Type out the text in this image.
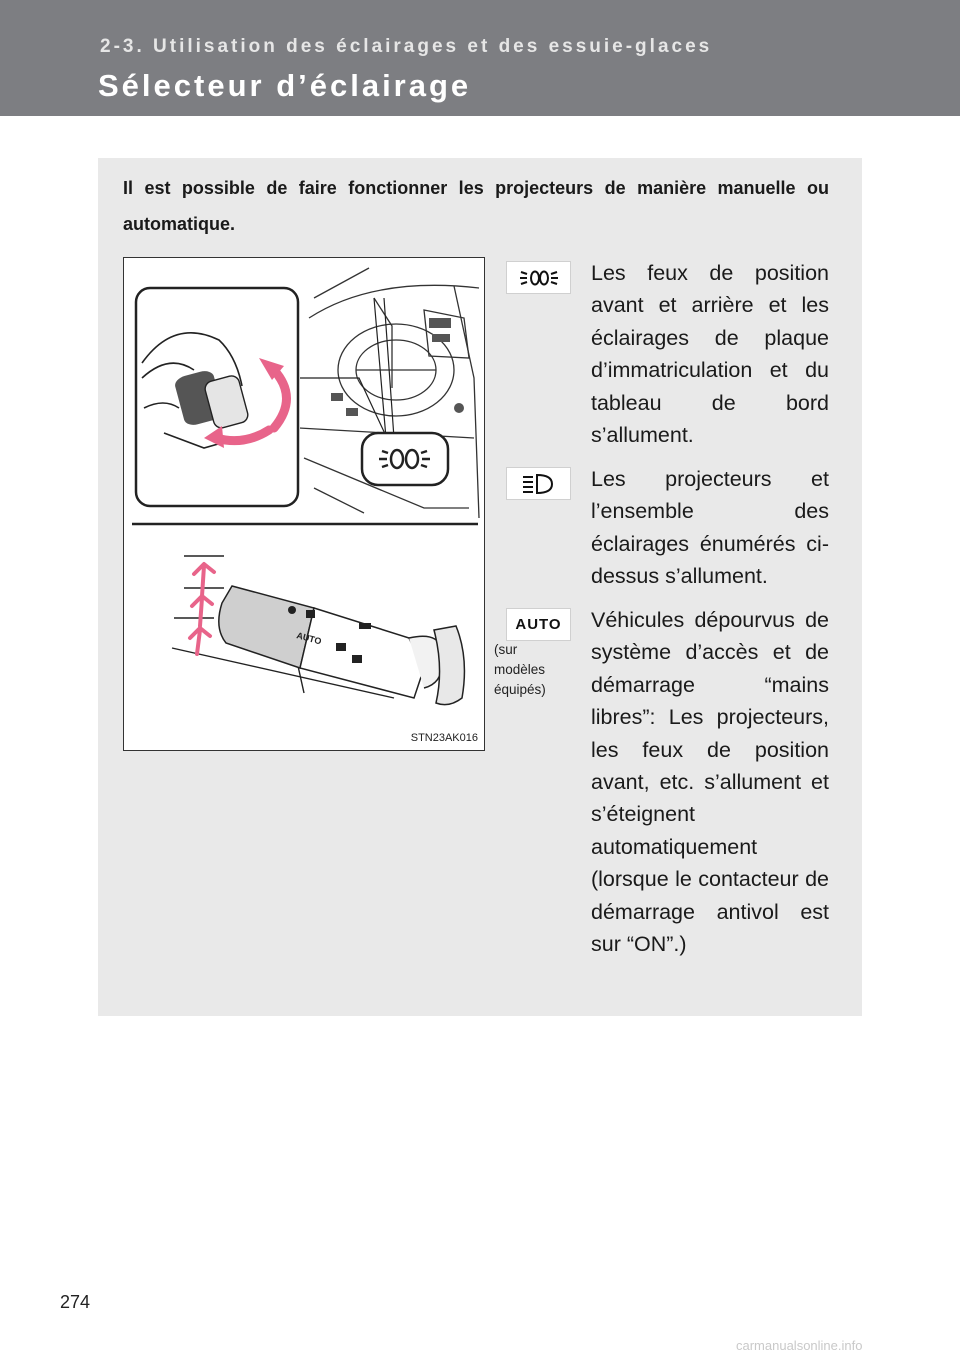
2-3. Utilisation des éclairages et des essuie-glaces
Sélecteur d’éclairage
Il est possible de faire fonctionner les projecteurs de manière manuelle ou automatique.
AUTO
STN23AK016
AUTO
(sur modèles équipés)
Les feux de position avant et arrière et les éclairages de plaque d’immatriculation et du tableau de bord s’allument.
Les projecteurs et l’ensemble des éclairages énumérés ci-dessus s’allument.
Véhicules dépourvus de système d’accès et de démarrage “mains libres”: Les projecteurs, les feux de position avant, etc. s’allument et s’éteignent automatiquement (lorsque le contacteur de démarrage antivol est sur “ON”.)
274
carmanualsonline.info
